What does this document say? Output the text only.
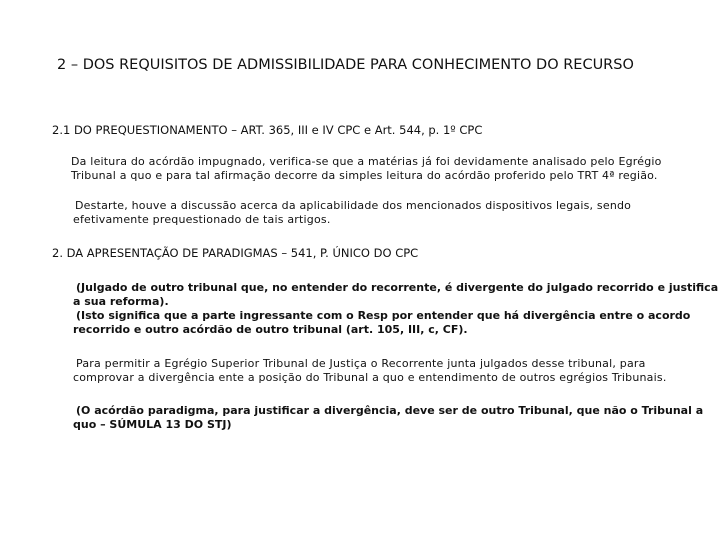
2 – DOS REQUISITOS DE ADMISSIBILIDADE PARA CONHECIMENTO DO RECURSO
2.1 DO PREQUESTIONAMENTO – ART. 365, III e IV CPC e Art. 544, p. 1º CPC
Da leitura do acórdão impugnado, verifica-se que a matérias já foi devidamente analisado pelo Egrégio
Tribunal a quo e para tal afirmação decorre da simples leitura do acórdão proferido pelo TRT 4ª região.
Destarte, houve a discussão acerca da aplicabilidade dos mencionados dispositivos legais, sendo
efetivamente prequestionado de tais artigos.
2. DA APRESENTAÇÃO DE PARADIGMAS – 541, P. ÚNICO DO CPC
(Julgado de outro tribunal que, no entender do recorrente, é divergente do julgado recorrido e justifica
a sua reforma).
(Isto significa que a parte ingressante com o Resp por entender que há divergência entre o acordo
recorrido e outro acórdão de outro tribunal (art. 105, III, c, CF).
Para permitir a Egrégio Superior Tribunal de Justiça o Recorrente junta julgados desse tribunal, para
comprovar a divergência ente a posição do Tribunal a quo e entendimento de outros egrégios Tribunais.
(O acórdão paradigma, para justificar a divergência, deve ser de outro Tribunal, que não o Tribunal a
quo – SÚMULA 13 DO STJ)
